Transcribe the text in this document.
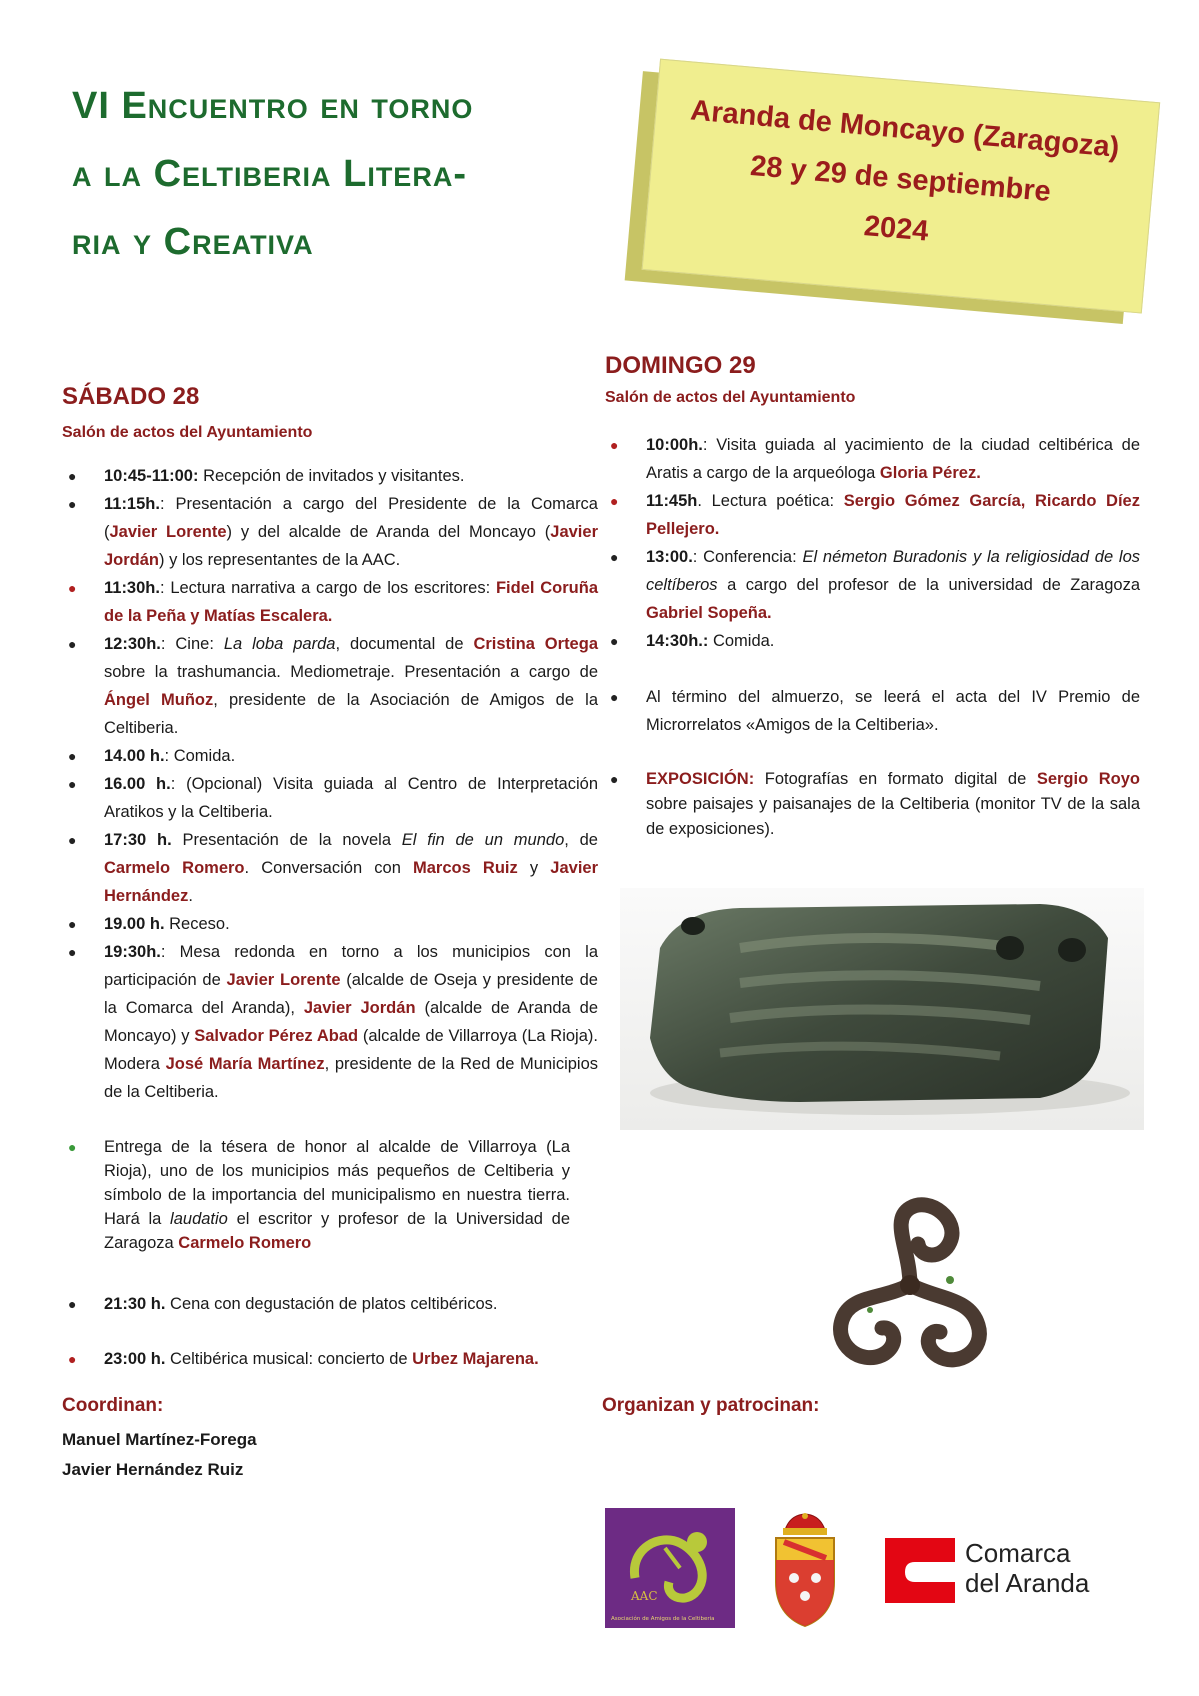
VI Encuentro en torno
a la Celtiberia Litera-
ria y Creativa
Aranda de Moncayo (Zaragoza)
28 y 29 de septiembre
2024
SÁBADO 28
Salón de actos del Ayuntamiento
● 10:45-11:00: Recepción de invitados y visitantes.
● 11:15h.: Presentación a cargo del Presidente de la Comarca (Javier Lorente) y del alcalde de Aranda del Moncayo (Javier Jordán) y los representantes de la AAC.
● 11:30h.: Lectura narrativa a cargo de los escritores: Fidel Coruña de la Peña y Matías Escalera.
● 12:30h.: Cine: La loba parda, documental de Cristina Ortega sobre la trashumancia. Mediometraje. Presentación a cargo de Ángel Muñoz, presidente de la Asociación de Amigos de la Celtiberia.
● 14.00 h.: Comida.
● 16.00 h.: (Opcional) Visita guiada al Centro de Interpretación Aratikos y la Celtiberia.
● 17:30 h. Presentación de la novela El fin de un mundo, de Carmelo Romero. Conversación con Marcos Ruiz y Javier Hernández.
● 19.00 h. Receso.
● 19:30h.: Mesa redonda en torno a los municipios con la participación de Javier Lorente (alcalde de Oseja y presidente de la Comarca del Aranda), Javier Jordán (alcalde de Aranda de Moncayo) y Salvador Pérez Abad (alcalde de Villarroya (La Rioja). Modera José María Martínez, presidente de la Red de Municipios de la Celtiberia.
● Entrega de la tésera de honor al alcalde de Villarroya (La Rioja), uno de los municipios más pequeños de Celtiberia y símbolo de la importancia del municipalismo en nuestra tierra. Hará la laudatio el escritor y profesor de la Universidad de Zaragoza Carmelo Romero
● 21:30 h. Cena con degustación de platos celtibéricos.
● 23:00 h. Celtibérica musical: concierto de Urbez Majarena.
DOMINGO 29
Salón de actos del Ayuntamiento
● 10:00h.: Visita guiada al yacimiento de la ciudad celtibérica de Aratis a cargo de la arqueóloga Gloria Pérez.
● 11:45h. Lectura poética: Sergio Gómez García, Ricardo Díez Pellejero.
● 13:00.: Conferencia: El németon Buradonis y la religiosidad de los celtíberos a cargo del profesor de la universidad de Zaragoza Gabriel Sopeña.
● 14:30h.: Comida.
● Al término del almuerzo, se leerá el acta del IV Premio de Microrrelatos «Amigos de la Celtiberia».
● EXPOSICIÓN: Fotografías en formato digital de Sergio Royo sobre paisajes y paisanajes de la Celtiberia (monitor TV de la sala de exposiciones).
Coordinan:
Manuel Martínez-Forega
Javier Hernández Ruiz
Organizan y patrocinan:
AAC
Asociación de Amigos de la Celtiberia
Comarca
del Aranda
